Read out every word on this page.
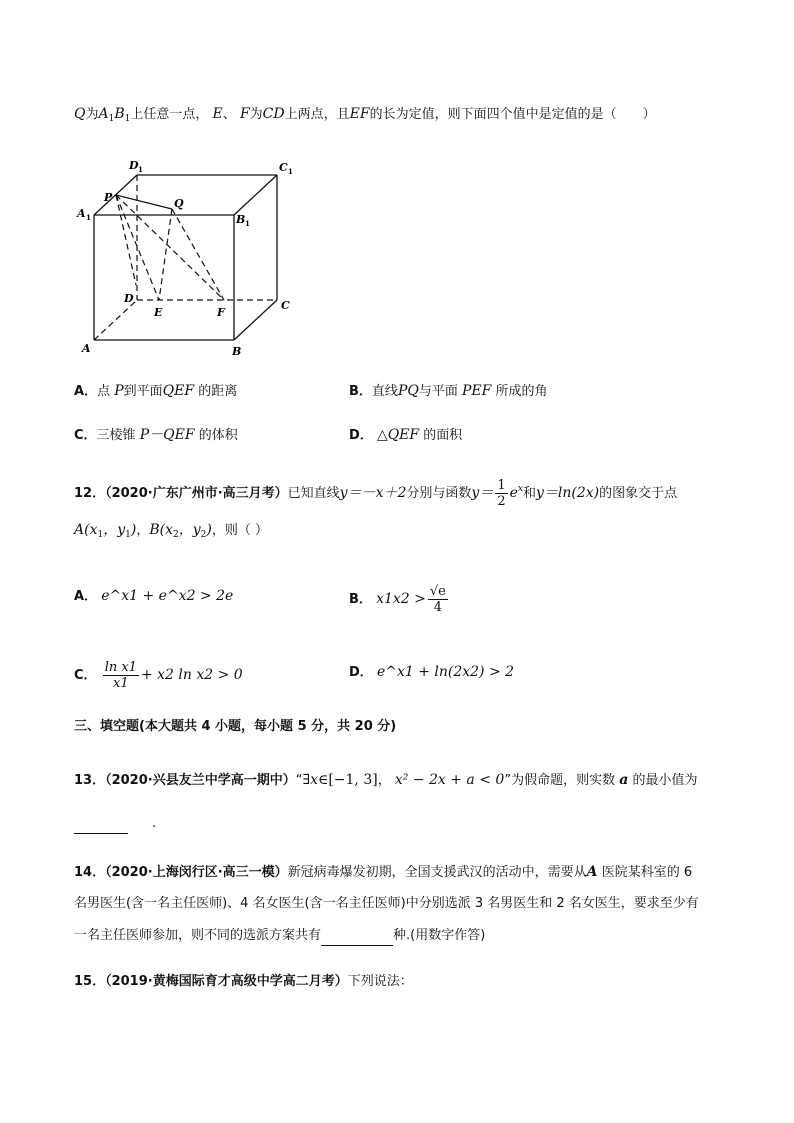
Q为$A_1B_1$上任意一点， E、 F为CD上两点，且EF的长为定值，则下面四个值中是定值的是（　　）
D 1	C 1
A 1	B 1
P	Q
D
E	F
C
A	B
A．点 P到平面QEF 的距离	B．直线PQ与平面 PEF 所成的角
C．三棱锥 P－QEF 的体积	D． △QEF 的面积
12．（2020·广东广州市·高三月考）已知直线y＝－x＋2分别与函数$y= \frac{1}{2} e^x$和y＝ln(2x)的图象交于点
$A(x_1$，$y_1$)，$B(x_2$，$y_2$)，则（ ）
A． e^x1 + e^x2 > 2e	B． $x1x2 > \frac{√e}{4}$
C． $\frac{\text{ln x1}}{x1} + x2$ ln x2 > 0	D． e^x1 + ln(2x2) > 2
三、填空题(本大题共 4 小题，每小题 5 分，共 20 分)
13．（2020·兴县友兰中学高一期中）“∃x∈[−1, 3]， x² − 2x + a < 0”为假命题，则实数 a 的最小值为
.
14．（2020·上海闵行区·高三一模）新冠病毒爆发初期，全国支援武汉的活动中，需要从A 医院某科室的 6
名男医生(含一名主任医师)、4 名女医生(含一名主任医师)中分别选派 3 名男医生和 2 名女医生，要求至少有
一名主任医师参加，则不同的选派方案共有	种.(用数字作答)
15．（2019·黄梅国际育才高级中学高二月考）下列说法：
